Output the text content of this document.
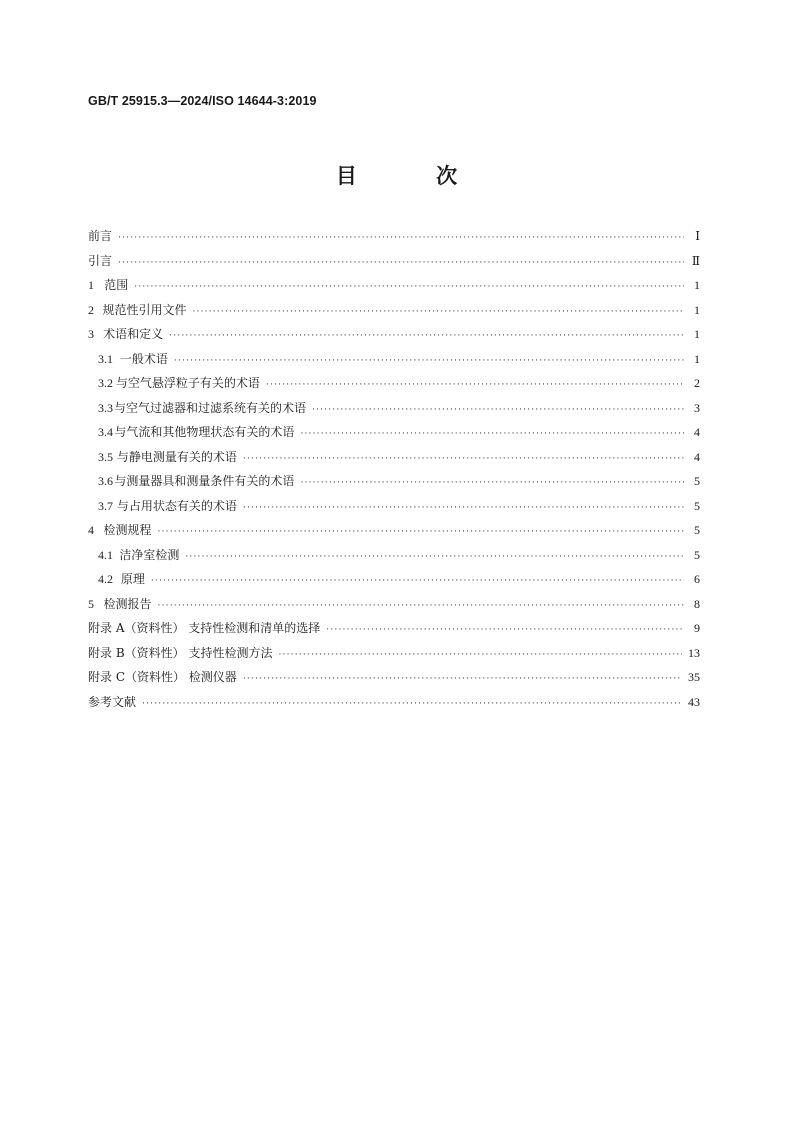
GB/T 25915.3—2024/ISO 14644-3:2019
目 次
前言 ·····	Ⅰ
引言 ·····	Ⅱ
1 范围 ·····	1
2 规范性引用文件 ·····	1
3 术语和定义 ·····	1
3.1 一般术语 ·····	1
3.2 与空气悬浮粒子有关的术语 ·····	2
3.3 与空气过滤器和过滤系统有关的术语 ·····	3
3.4 与气流和其他物理状态有关的术语 ·····	4
3.5 与静电测量有关的术语 ·····	4
3.6 与测量器具和测量条件有关的术语 ·····	5
3.7 与占用状态有关的术语 ·····	5
4 检测规程 ·····	5
4.1 洁净室检测 ·····	5
4.2 原理 ·····	6
5 检测报告 ·····	8
附录 A（资料性） 支持性检测和清单的选择 ·····	9
附录 B（资料性） 支持性检测方法 ·····	13
附录 C（资料性） 检测仪器 ·····	35
参考文献 ·····	43
